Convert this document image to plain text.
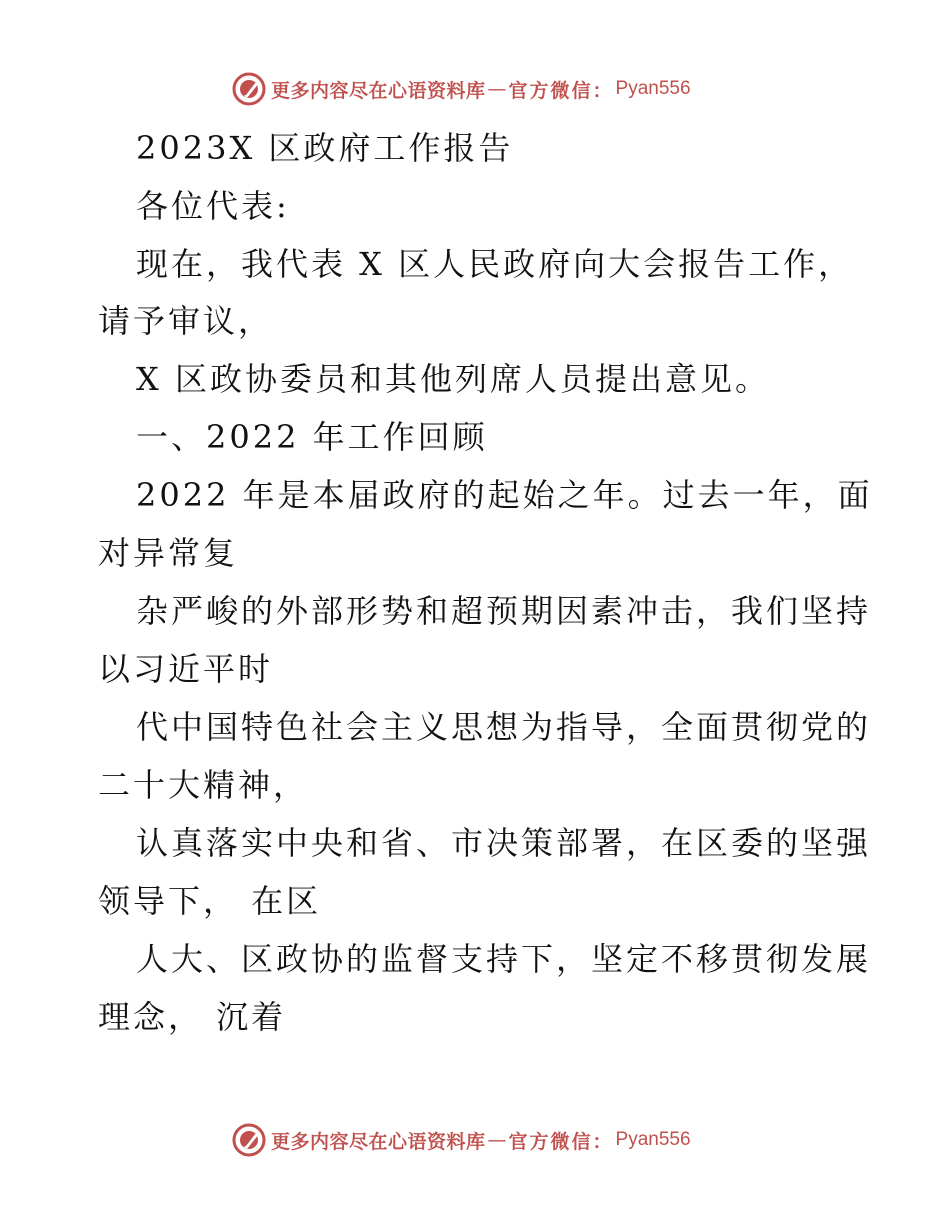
更多内容尽在心语资料库 — 官方微信： Pyan556
2023X 区政府工作报告
各位代表:
现在，我代表 X 区人民政府向大会报告工作，
请予审议，
X 区政协委员和其他列席人员提出意见。
一、2022 年工作回顾
2022 年是本届政府的起始之年。过去一年，面
对异常复
杂严峻的外部形势和超预期因素冲击，我们坚持
以习近平时
代中国特色社会主义思想为指导，全面贯彻党的
二十大精神，
认真落实中央和省、市决策部署，在区委的坚强
领导下， 在区
人大、区政协的监督支持下，坚定不移贯彻发展
理念， 沉着
更多内容尽在心语资料库 — 官方微信： Pyan556
